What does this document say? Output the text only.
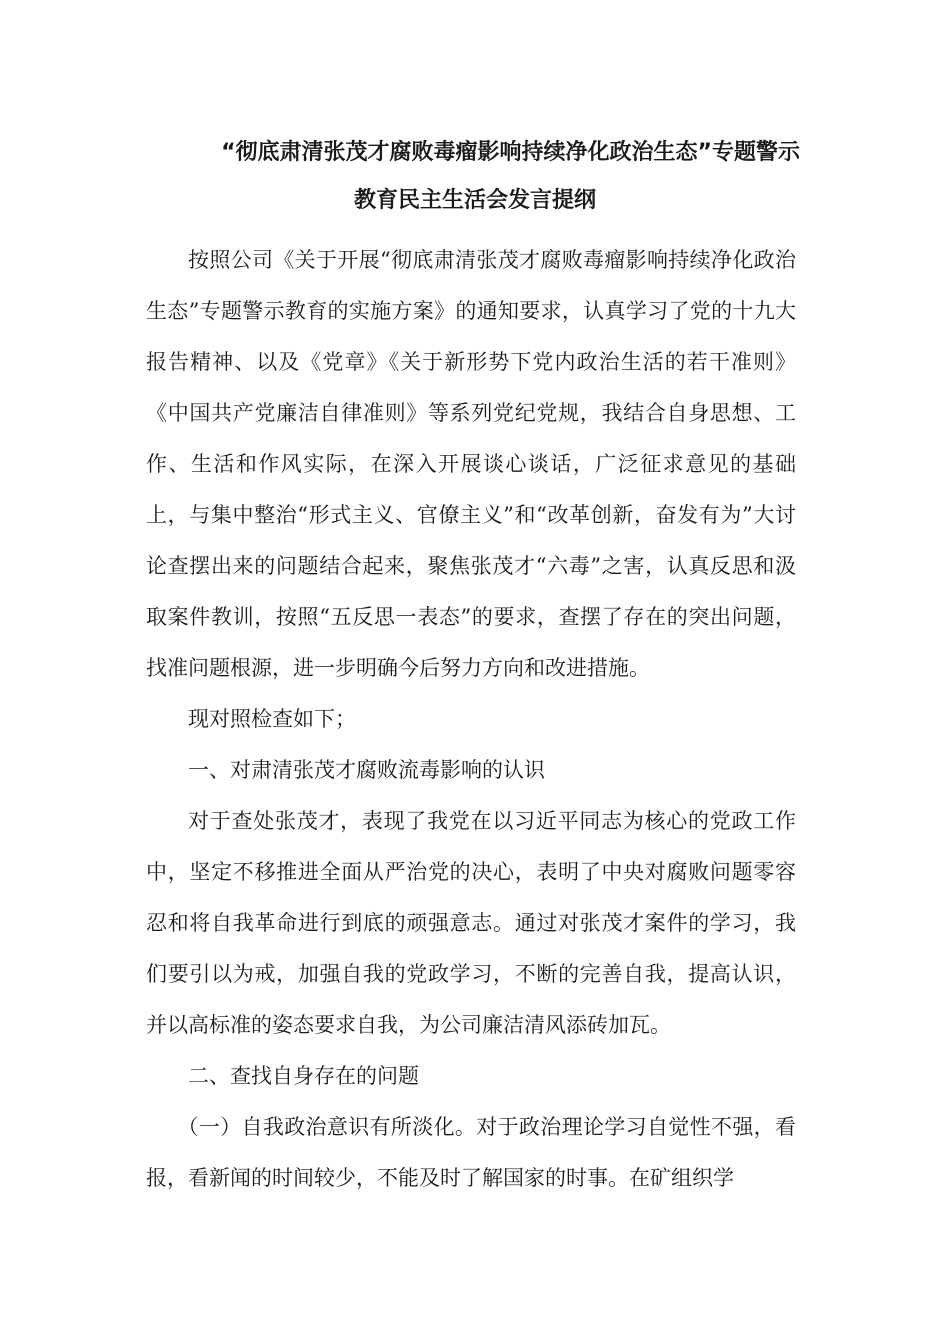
“彻底肃清张茂才腐败毒瘤影响持续净化政治生态”专题警示
教育民主生活会发言提纲

按照公司《关于开展“彻底肃清张茂才腐败毒瘤影响持续净化政治生态”专题警示教育的实施方案》的通知要求，认真学习了党的十九大报告精神、以及《党章》《关于新形势下党内政治生活的若干准则》《中国共产党廉洁自律准则》等系列党纪党规，我结合自身思想、工作、生活和作风实际，在深入开展谈心谈话，广泛征求意见的基础上，与集中整治“形式主义、官僚主义”和“改革创新，奋发有为”大讨论查摆出来的问题结合起来，聚焦张茂才“六毒”之害，认真反思和汲取案件教训，按照“五反思一表态”的要求，查摆了存在的突出问题，找准问题根源，进一步明确今后努力方向和改进措施。

现对照检查如下；

一、对肃清张茂才腐败流毒影响的认识

对于查处张茂才，表现了我党在以习近平同志为核心的党政工作中，坚定不移推进全面从严治党的决心，表明了中央对腐败问题零容忍和将自我革命进行到底的顽强意志。通过对张茂才案件的学习，我们要引以为戒，加强自我的党政学习，不断的完善自我，提高认识，并以高标准的姿态要求自我，为公司廉洁清风添砖加瓦。

二、查找自身存在的问题

（一）自我政治意识有所淡化。对于政治理论学习自觉性不强，看报，看新闻的时间较少，不能及时了解国家的时事。在矿组织学
